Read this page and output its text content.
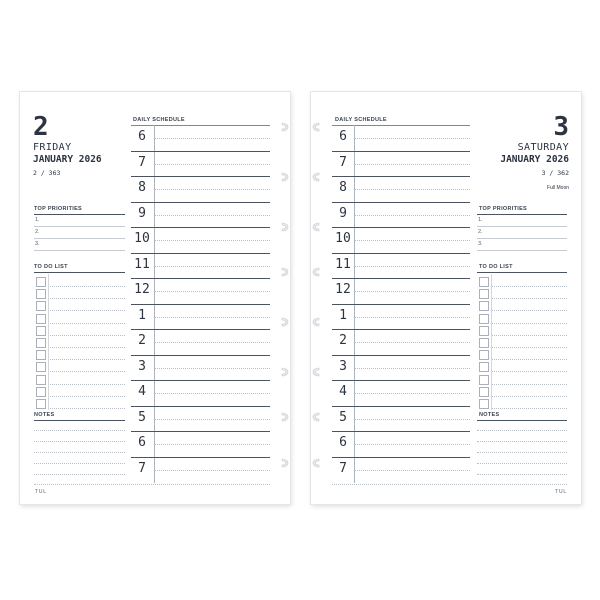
2
FRIDAY
JANUARY 2026
2 / 363
TOP PRIORITIES
1.
2.
3.
TO DO LIST
NOTES
DAILY SCHEDULE
6
7
8
9
10
11
12
1
2
3
4
5
6
7
TUL
3
SATURDAY
JANUARY 2026
3 / 362
Full Moon
TOP PRIORITIES
1.
2.
3.
TO DO LIST
NOTES
DAILY SCHEDULE
6
7
8
9
10
11
12
1
2
3
4
5
6
7
TUL
